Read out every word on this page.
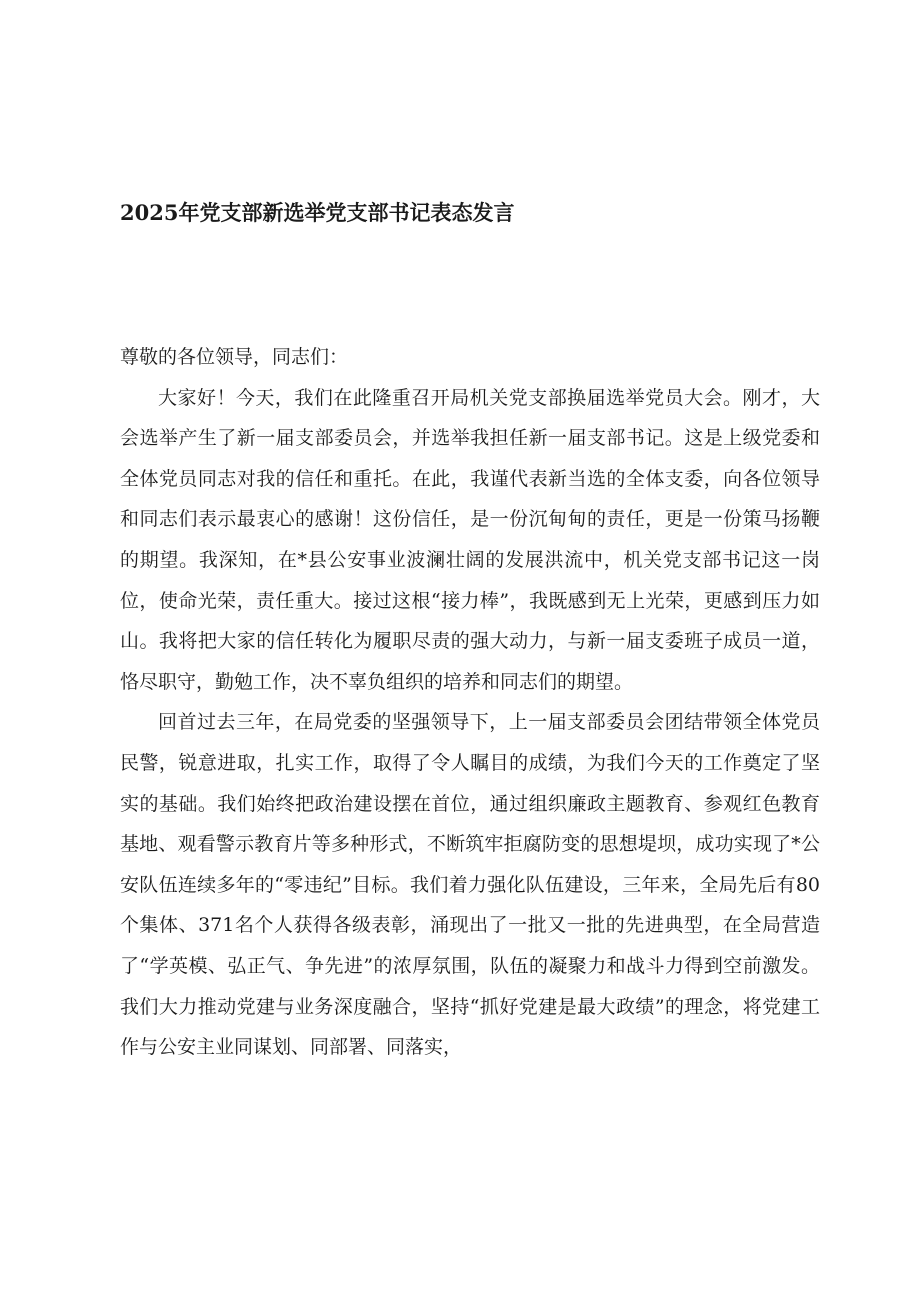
2025年党支部新选举党支部书记表态发言

尊敬的各位领导，同志们：

大家好！今天，我们在此隆重召开局机关党支部换届选举党员大会。刚才，大会选举产生了新一届支部委员会，并选举我担任新一届支部书记。这是上级党委和全体党员同志对我的信任和重托。在此，我谨代表新当选的全体支委，向各位领导和同志们表示最衷心的感谢！这份信任，是一份沉甸甸的责任，更是一份策马扬鞭的期望。我深知，在*县公安事业波澜壮阔的发展洪流中，机关党支部书记这一岗位，使命光荣，责任重大。接过这根“接力棒”，我既感到无上光荣，更感到压力如山。我将把大家的信任转化为履职尽责的强大动力，与新一届支委班子成员一道，恪尽职守，勤勉工作，决不辜负组织的培养和同志们的期望。

回首过去三年，在局党委的坚强领导下，上一届支部委员会团结带领全体党员民警，锐意进取，扎实工作，取得了令人瞩目的成绩，为我们今天的工作奠定了坚实的基础。我们始终把政治建设摆在首位，通过组织廉政主题教育、参观红色教育基地、观看警示教育片等多种形式，不断筑牢拒腐防变的思想堤坝，成功实现了*公安队伍连续多年的“零违纪”目标。我们着力强化队伍建设，三年来，全局先后有80个集体、371名个人获得各级表彰，涌现出了一批又一批的先进典型，在全局营造了“学英模、弘正气、争先进”的浓厚氛围，队伍的凝聚力和战斗力得到空前激发。我们大力推动党建与业务深度融合，坚持“抓好党建是最大政绩”的理念，将党建工作与公安主业同谋划、同部署、同落实，
